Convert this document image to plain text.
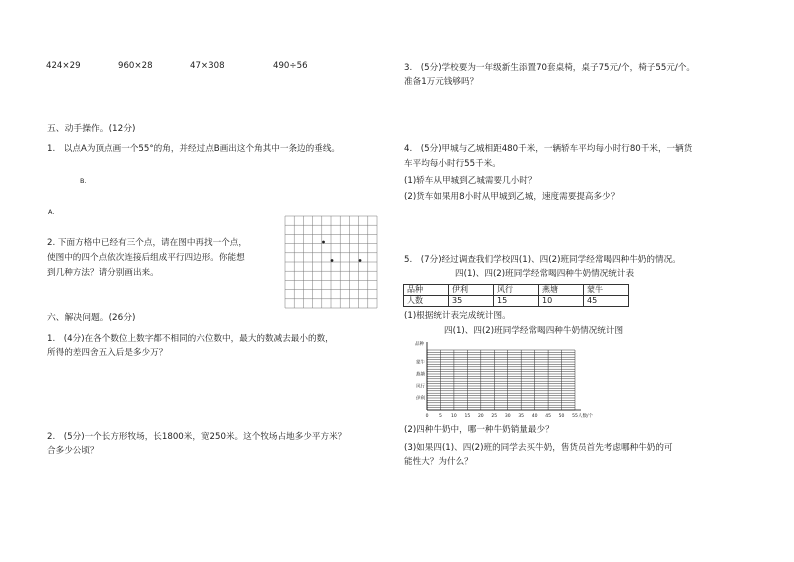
424×29	960×28	47×308	490÷56
五、动手操作。(12分)
1.　以点A为顶点画一个55°的角，并经过点B画出这个角其中一条边的垂线。
B.
A.
2. 下面方格中已经有三个点，请在图中再找一个点，
使图中的四个点依次连接后组成平行四边形。你能想
到几种方法？请分别画出来。
六、解决问题。(26分)
1.　(4分)在各个数位上数字都不相同的六位数中，最大的数减去最小的数，
所得的差四舍五入后是多少万？
2.　(5分)一个长方形牧场，长1800米，宽250米。这个牧场占地多少平方米？
合多少公顷？
3.　(5分)学校要为一年级新生添置70套桌椅，桌子75元/个，椅子55元/个。
准备1万元钱够吗？
4.　(5分)甲城与乙城相距480千米，一辆轿车平均每小时行80千米，一辆货
车平均每小时行55千米。
(1)轿车从甲城到乙城需要几小时？
(2)货车如果用8小时从甲城到乙城，速度需要提高多少？
5.　(7分)经过调查我们学校四(1)、四(2)班同学经常喝四种牛奶的情况。
四(1)、四(2)班同学经常喝四种牛奶情况统计表
品种	伊利	风行	燕塘	蒙牛
人数	35	15	10	45
(1)根据统计表完成统计图。
四(1)、四(2)班同学经常喝四种牛奶情况统计图
品种
蒙牛
燕塘
风行
伊利
0 5 10 15 20 25 30 35 40 45 50 55 人数/个
(2)四种牛奶中，哪一种牛奶销量最少？
(3)如果四(1)、四(2)班的同学去买牛奶，售货员首先考虑哪种牛奶的可
能性大？为什么？
